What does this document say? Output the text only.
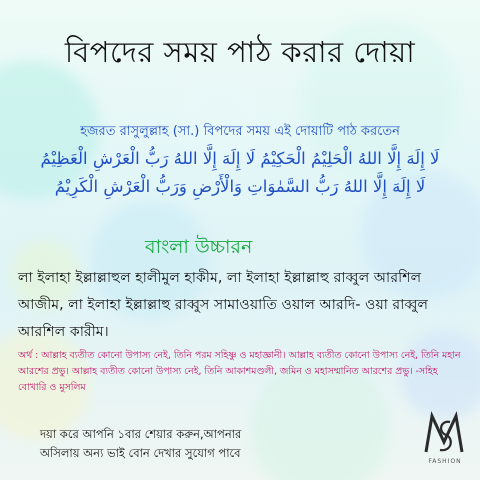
বিপদের সময় পাঠ করার দোয়া
হজরত রাসুলুল্লাহ (সা.) বিপদের সময় এই দোয়াটি পাঠ করতেন
لَا إِلَهَ إِلَّا اللهُ الْحَلِيْمُ الْحَكِيْمُ لَا إِلَهَ إِلَّا اللهُ رَبُّ الْعَرْشِ الْعَظِيْمُ
لَا إِلَهَ إِلَّا اللهُ رَبُّ السَّمٰوَاتِ وَالْأَرْضِ وَرَبُّ الْعَرْشِ الْكَرِيْمُ
বাংলা উচ্চারন
লা ইলাহা ইল্লাল্লাহুল হালীমুল হাকীম, লা ইলাহা ইল্লাল্লাহু রাব্বুল আরশিল আজীম, লা ইলাহা ইল্লাল্লাহু রাব্বুস সামাওয়াতি ওয়াল আরদি- ওয়া রাব্বুল আরশিল কারীম।
অর্থ : আল্লাহ ব্যতীত কোনো উপাস্য নেই, তিনি পরম সহিষ্ণু ও মহাজ্ঞানী। আল্লাহ ব্যতীত কোনো উপাস্য নেই, তিনি মহান আরশের প্রভু। আল্লাহ ব্যতীত কোনো উপাস্য নেই, তিনি আকাশমণ্ডলী, জমিন ও মহাসম্মানিত আরশের প্রভু। -সহিহ বোখারি ও মুসলিম
দয়া করে আপনি ১বার শেয়ার করুন,আপনার
অসিলায় অন্য ভাই বোন দেখার সুযোগ পাবে
FASHION
